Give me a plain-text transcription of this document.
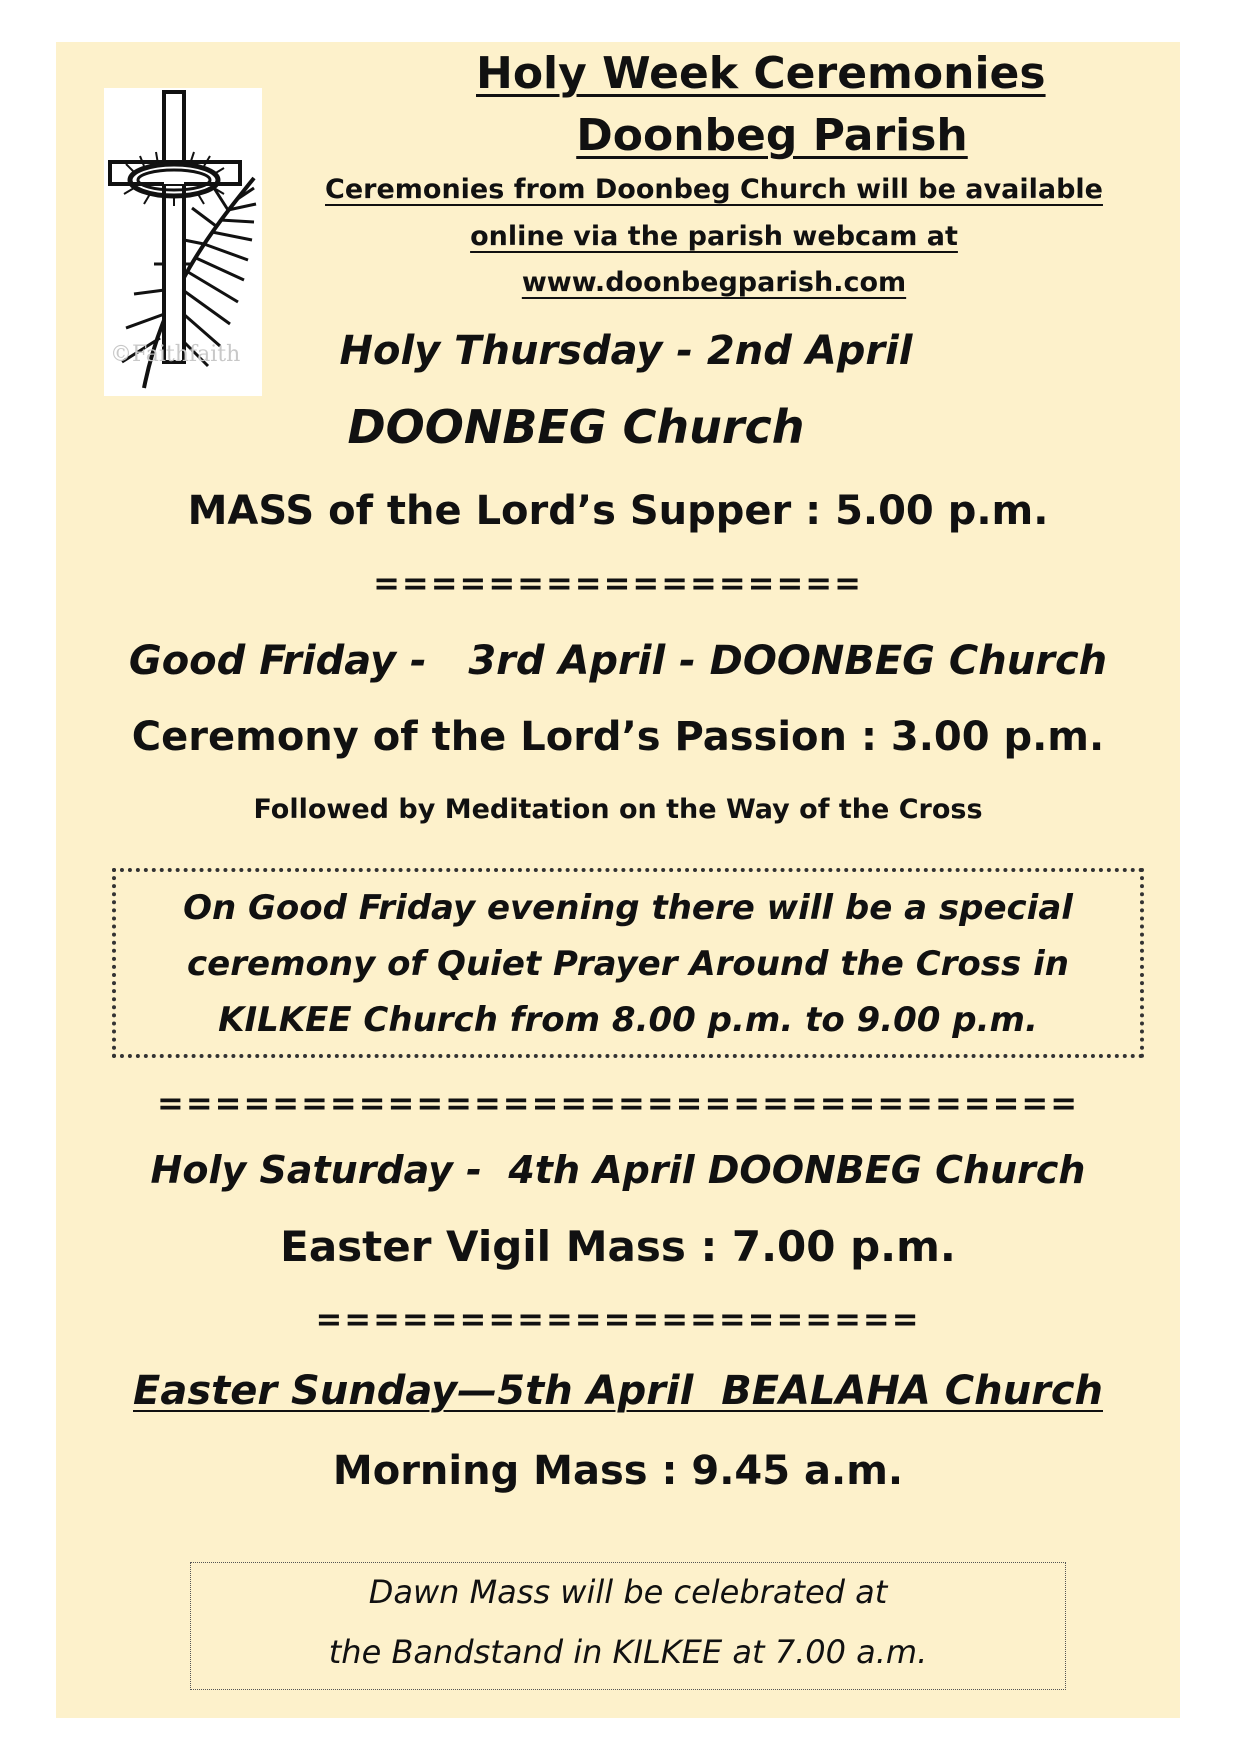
©Faithfaith
Holy Week Ceremonies
Doonbeg Parish
Ceremonies from Doonbeg Church will be available
online via the parish webcam at
www.doonbegparish.com
Holy Thursday - 2nd April
DOONBEG Church
MASS of the Lord’s Supper : 5.00 p.m.
=================
Good Friday -   3rd April - DOONBEG Church
Ceremony of the Lord’s Passion : 3.00 p.m.
Followed by Meditation on the Way of the Cross
On Good Friday evening there will be a special
ceremony of Quiet Prayer Around the Cross in
KILKEE Church from 8.00 p.m. to 9.00 p.m.
================================
Holy Saturday -  4th April DOONBEG Church
Easter Vigil Mass : 7.00 p.m.
=====================
Easter Sunday—5th April  BEALAHA Church
Morning Mass : 9.45 a.m.
Dawn Mass will be celebrated at
the Bandstand in KILKEE at 7.00 a.m.
